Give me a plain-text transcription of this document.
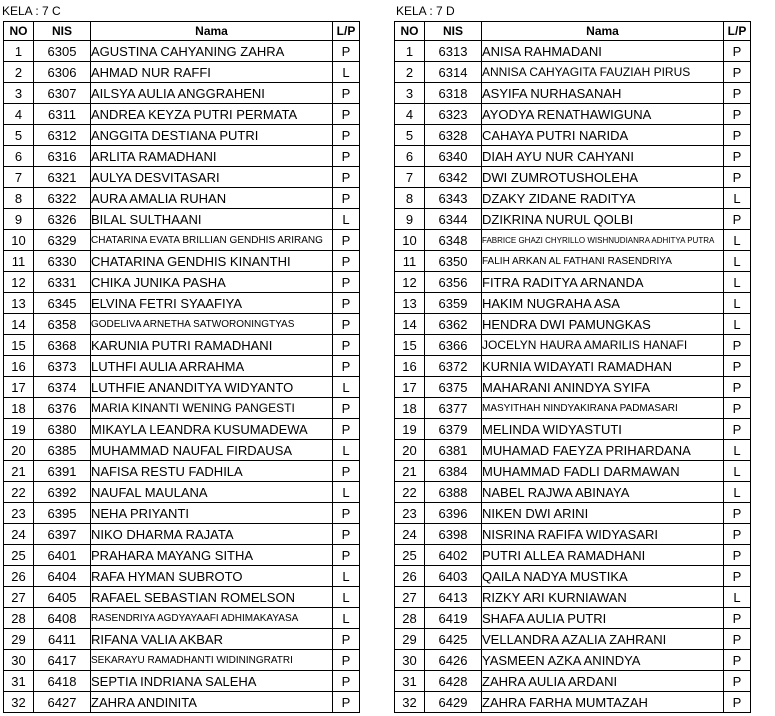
KELA : 7 C
NO	NIS	Nama	L/P
1	6305	AGUSTINA CAHYANING ZAHRA	P
2	6306	AHMAD NUR RAFFI	L
3	6307	AILSYA AULIA ANGGRAHENI	P
4	6311	ANDREA KEYZA PUTRI PERMATA	P
5	6312	ANGGITA DESTIANA PUTRI	P
6	6316	ARLITA RAMADHANI	P
7	6321	AULYA DESVITASARI	P
8	6322	AURA AMALIA RUHAN	P
9	6326	BILAL SULTHAANI	L
10	6329	CHATARINA EVATA BRILLIAN GENDHIS ARIRANG	P
11	6330	CHATARINA GENDHIS KINANTHI	P
12	6331	CHIKA JUNIKA PASHA	P
13	6345	ELVINA FETRI SYAAFIYA	P
14	6358	GODELIVA ARNETHA SATWORONINGTYAS	P
15	6368	KARUNIA PUTRI RAMADHANI	P
16	6373	LUTHFI AULIA ARRAHMA	P
17	6374	LUTHFIE ANANDITYA WIDYANTO	L
18	6376	MARIA KINANTI WENING PANGESTI	P
19	6380	MIKAYLA LEANDRA KUSUMADEWA	P
20	6385	MUHAMMAD NAUFAL FIRDAUSA	L
21	6391	NAFISA RESTU FADHILA	P
22	6392	NAUFAL MAULANA	L
23	6395	NEHA PRIYANTI	P
24	6397	NIKO DHARMA RAJATA	P
25	6401	PRAHARA MAYANG SITHA	P
26	6404	RAFA HYMAN SUBROTO	L
27	6405	RAFAEL SEBASTIAN ROMELSON	L
28	6408	RASENDRIYA AGDYAYAAFI ADHIMAKAYASA	L
29	6411	RIFANA VALIA AKBAR	P
30	6417	SEKARAYU RAMADHANTI WIDININGRATRI	P
31	6418	SEPTIA INDRIANA SALEHA	P
32	6427	ZAHRA ANDINITA	P
KELA : 7 D
NO	NIS	Nama	L/P
1	6313	ANISA RAHMADANI	P
2	6314	ANNISA CAHYAGITA FAUZIAH PIRUS	P
3	6318	ASYIFA NURHASANAH	P
4	6323	AYODYA RENATHAWIGUNA	P
5	6328	CAHAYA PUTRI NARIDA	P
6	6340	DIAH AYU NUR CAHYANI	P
7	6342	DWI ZUMROTUSHOLEHA	P
8	6343	DZAKY ZIDANE RADITYA	L
9	6344	DZIKRINA NURUL QOLBI	P
10	6348	FABRICE GHAZI CHYRILLO WISHNUDIANRA ADHITYA PUTRA	L
11	6350	FALIH ARKAN AL FATHANI RASENDRIYA	L
12	6356	FITRA RADITYA ARNANDA	L
13	6359	HAKIM NUGRAHA ASA	L
14	6362	HENDRA DWI PAMUNGKAS	L
15	6366	JOCELYN HAURA AMARILIS HANAFI	P
16	6372	KURNIA WIDAYATI RAMADHAN	P
17	6375	MAHARANI ANINDYA SYIFA	P
18	6377	MASYITHAH NINDYAKIRANA PADMASARI	P
19	6379	MELINDA WIDYASTUTI	P
20	6381	MUHAMAD FAEYZA PRIHARDANA	L
21	6384	MUHAMMAD FADLI DARMAWAN	L
22	6388	NABEL RAJWA ABINAYA	L
23	6396	NIKEN DWI ARINI	P
24	6398	NISRINA RAFIFA WIDYASARI	P
25	6402	PUTRI ALLEA RAMADHANI	P
26	6403	QAILA NADYA MUSTIKA	P
27	6413	RIZKY ARI KURNIAWAN	L
28	6419	SHAFA AULIA PUTRI	P
29	6425	VELLANDRA AZALIA ZAHRANI	P
30	6426	YASMEEN AZKA ANINDYA	P
31	6428	ZAHRA AULIA ARDANI	P
32	6429	ZAHRA FARHA MUMTAZAH	P
